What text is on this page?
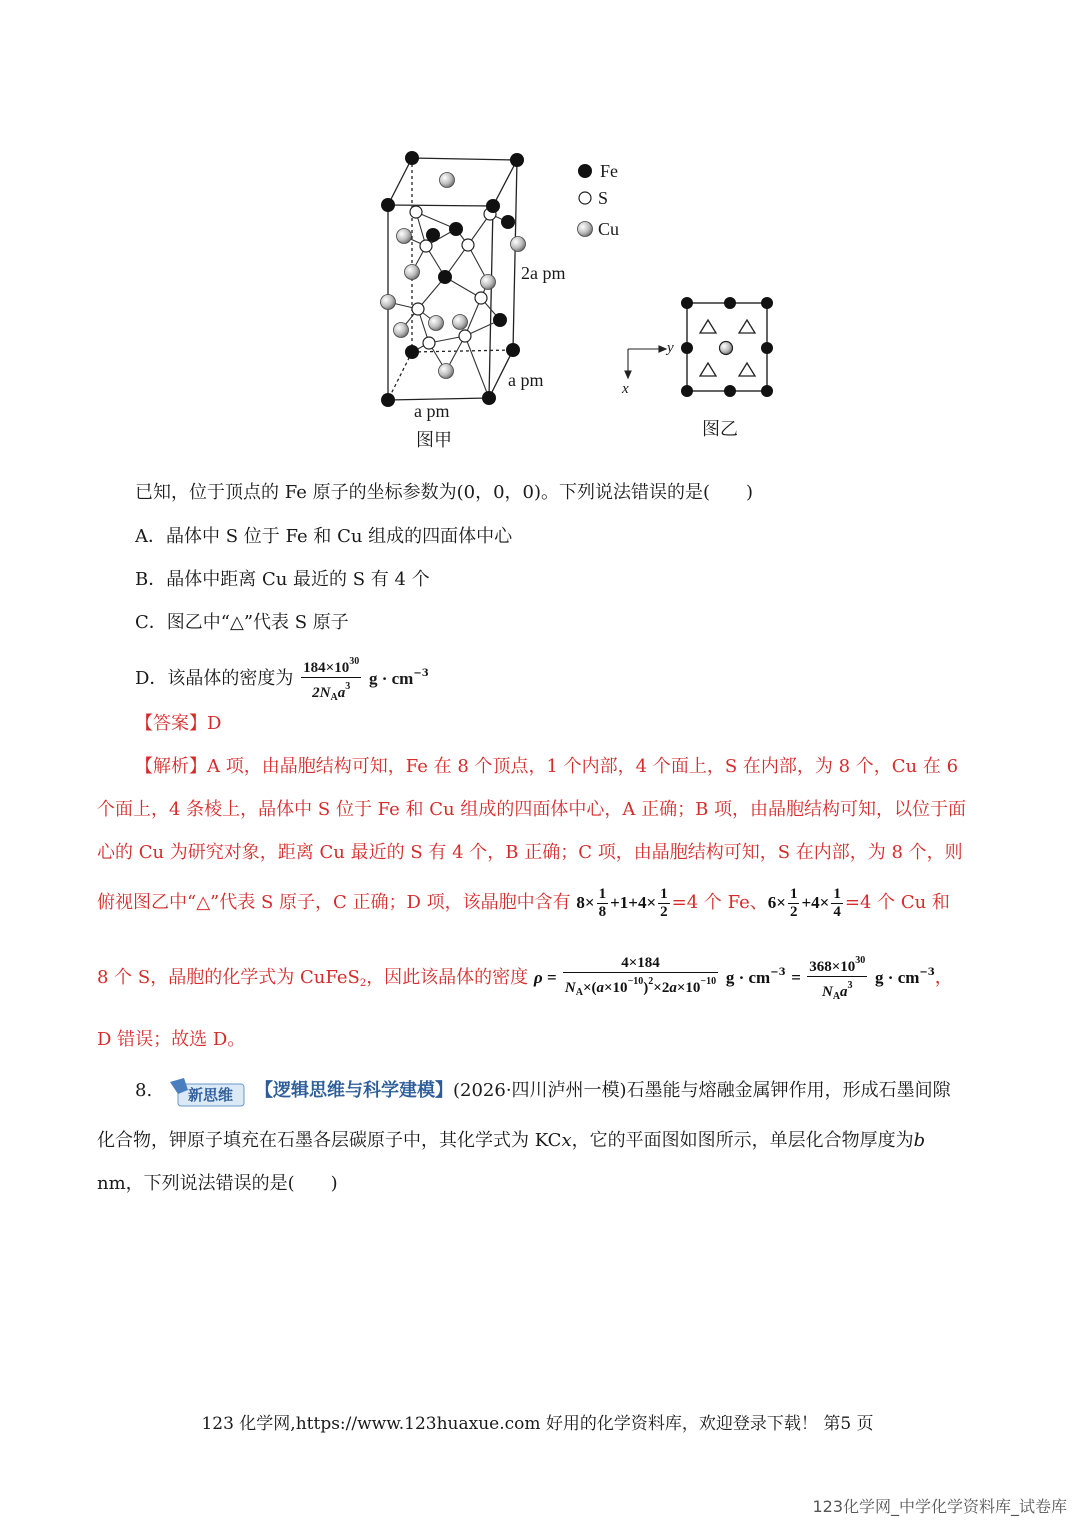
Fe
S
Cu
2a pm
a pm
a pm
图甲
y
x
图乙
已知，位于顶点的 Fe 原子的坐标参数为(0，0，0)。下列说法错误的是(　　)
A．晶体中 S 位于 Fe 和 Cu 组成的四面体中心
B．晶体中距离 Cu 最近的 S 有 4 个
C．图乙中“△”代表 S 原子
D．该晶体的密度为 $\frac{184\times 10^{30}}{2N_Aa^3}$ $g \cdot cm^{-3}$
【答案】D
【解析】A 项，由晶胞结构可知，Fe 在 8 个顶点，1 个内部，4 个面上，S 在内部，为 8 个，Cu 在 6
个面上，4 条棱上，晶体中 S 位于 Fe 和 Cu 组成的四面体中心，A 正确；B 项，由晶胞结构可知，以位于面
心的 Cu 为研究对象，距离 Cu 最近的 S 有 4 个，B 正确；C 项，由晶胞结构可知，S 在内部，为 8 个，则
俯视图乙中“△”代表 S 原子，C 正确；D 项，该晶胞中含有 $8\times \frac{1}{8} +1+4\times \frac{1}{2} =4$ 个 Fe、$6\times \frac{1}{2} +4\times \frac{1}{4} =4$ 个 Cu 和
8 个 S，晶胞的化学式为 CuFeS$_2$，因此该晶体的密度 $\rho = \frac{4\times 184}{N_A\times(a\times 10^{-10})^2\times 2a\times 10^{-10}}$ $g \cdot cm^{-3} = \frac{368\times 10^{30}}{N_Aa^3}$ $g \cdot cm^{-3}$，
D 错误；故选 D。
8. 新思维 【逻辑思维与科学建模】(2026·四川泸州一模)石墨能与熔融金属钾作用，形成石墨间隙
化合物，钾原子填充在石墨各层碳原子中，其化学式为 KCx，它的平面图如图所示，单层化合物厚度为b
nm，下列说法错误的是(　　)
123 化学网,https://www.123huaxue.com 好用的化学资料库，欢迎登录下载！ 第5 页
123化学网_中学化学资料库_试卷库
